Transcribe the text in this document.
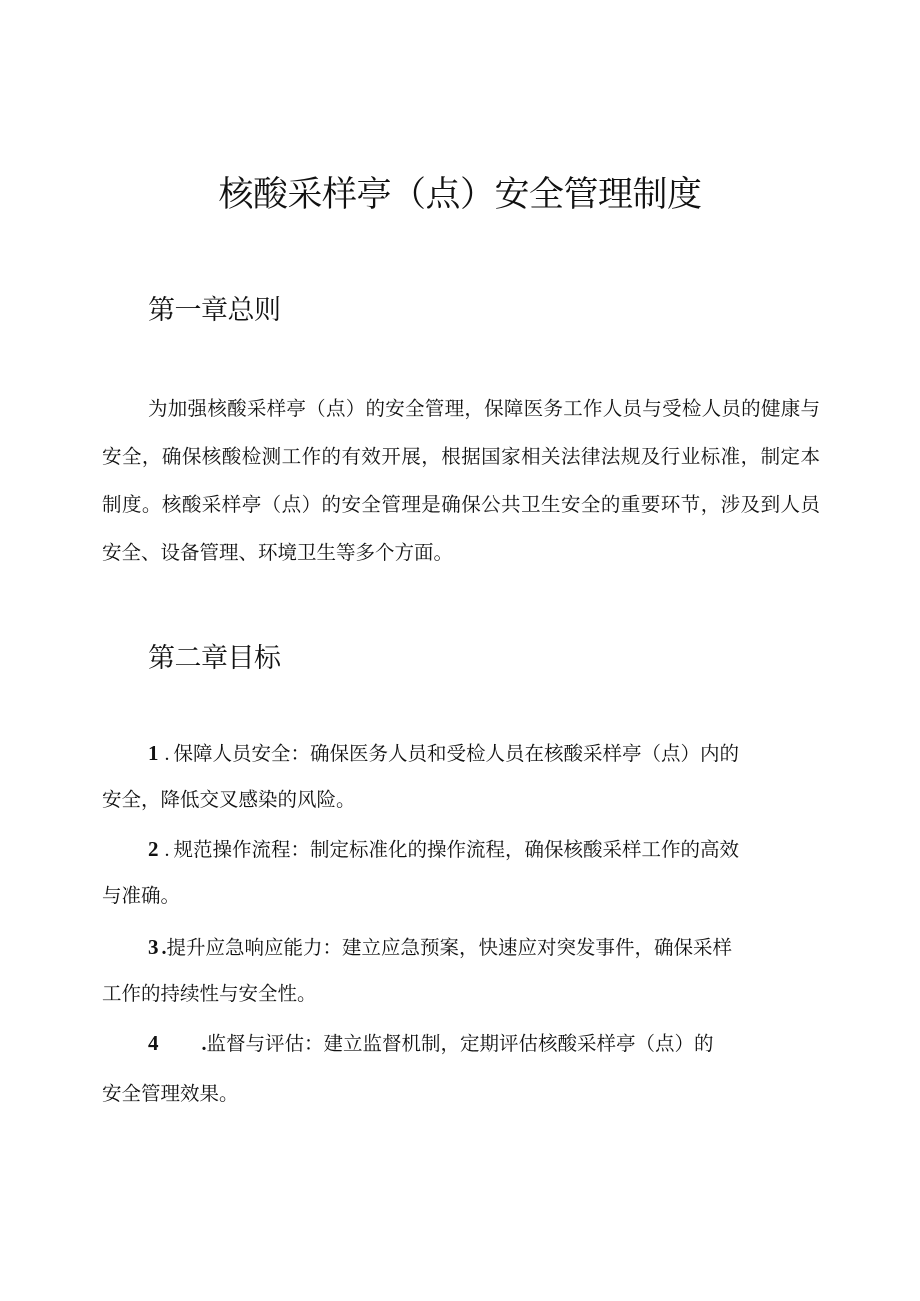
核酸采样亭（点）安全管理制度
第一章总则

为加强核酸采样亭（点）的安全管理，保障医务工作人员与受检人员的健康与安全，确保核酸检测工作的有效开展，根据国家相关法律法规及行业标准，制定本制度。核酸采样亭（点）的安全管理是确保公共卫生安全的重要环节，涉及到人员安全、设备管理、环境卫生等多个方面。

第二章目标
1 . 保障人员安全：确保医务人员和受检人员在核酸采样亭（点）内的
安全，降低交叉感染的风险。
2 . 规范操作流程：制定标准化的操作流程，确保核酸采样工作的高效
与准确。
3 .提升应急响应能力：建立应急预案，快速应对突发事件，确保采样
工作的持续性与安全性。
4 .监督与评估：建立监督机制，定期评估核酸采样亭（点）的
安全管理效果。
